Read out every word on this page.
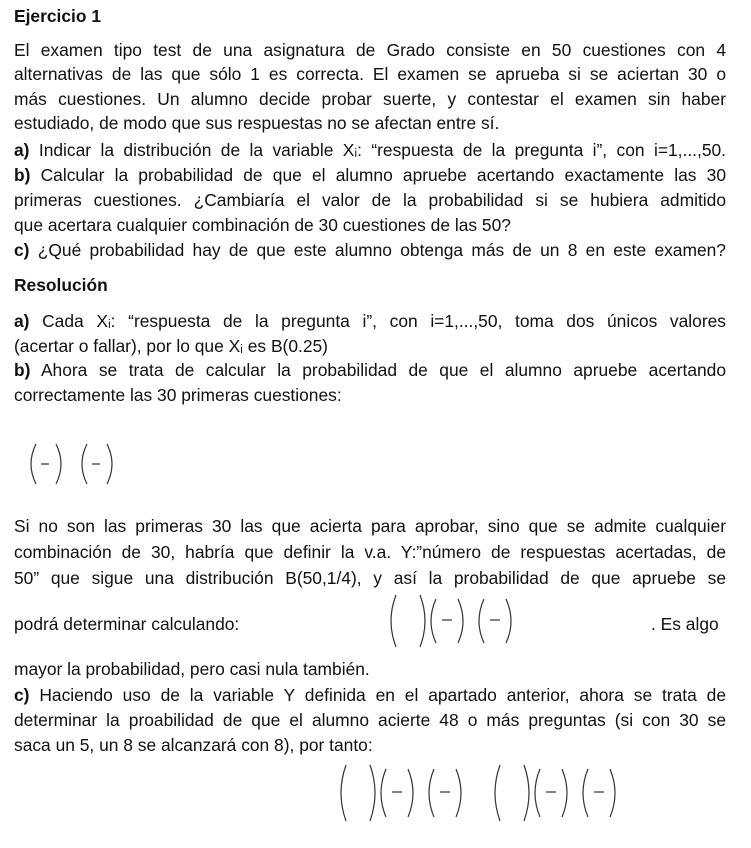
Ejercicio 1
El examen tipo test de una asignatura de Grado consiste en 50 cuestiones con 4
alternativas de las que sólo 1 es correcta. El examen se aprueba si se aciertan 30 o
más cuestiones. Un alumno decide probar suerte, y contestar el examen sin haber
estudiado, de modo que sus respuestas no se afectan entre sí.
a) Indicar la distribución de la variable Xᵢ: “respuesta de la pregunta i”, con i=1,...,50.
b) Calcular la probabilidad de que el alumno apruebe acertando exactamente las 30
primeras cuestiones. ¿Cambiaría el valor de la probabilidad si se hubiera admitido
que acertara cualquier combinación de 30 cuestiones de las 50?
c) ¿Qué probabilidad hay de que este alumno obtenga más de un 8 en este examen?
Resolución
a) Cada Xᵢ: “respuesta de la pregunta i”, con i=1,...,50, toma dos únicos valores
(acertar o fallar), por lo que Xᵢ es B(0.25)
b) Ahora se trata de calcular la probabilidad de que el alumno apruebe acertando
correctamente las 30 primeras cuestiones:
Si no son las primeras 30 las que acierta para aprobar, sino que se admite cualquier
combinación de 30, habría que definir la v.a. Y:”número de respuestas acertadas, de
50” que sigue una distribución B(50,1/4), y así la probabilidad de que apruebe se
podrá determinar calculando:	. Es algo
mayor la probabilidad, pero casi nula también.
c) Haciendo uso de la variable Y definida en el apartado anterior, ahora se trata de
determinar la proabilidad de que el alumno acierte 48 o más preguntas (si con 30 se
saca un 5, un 8 se alcanzará con 8), por tanto:
